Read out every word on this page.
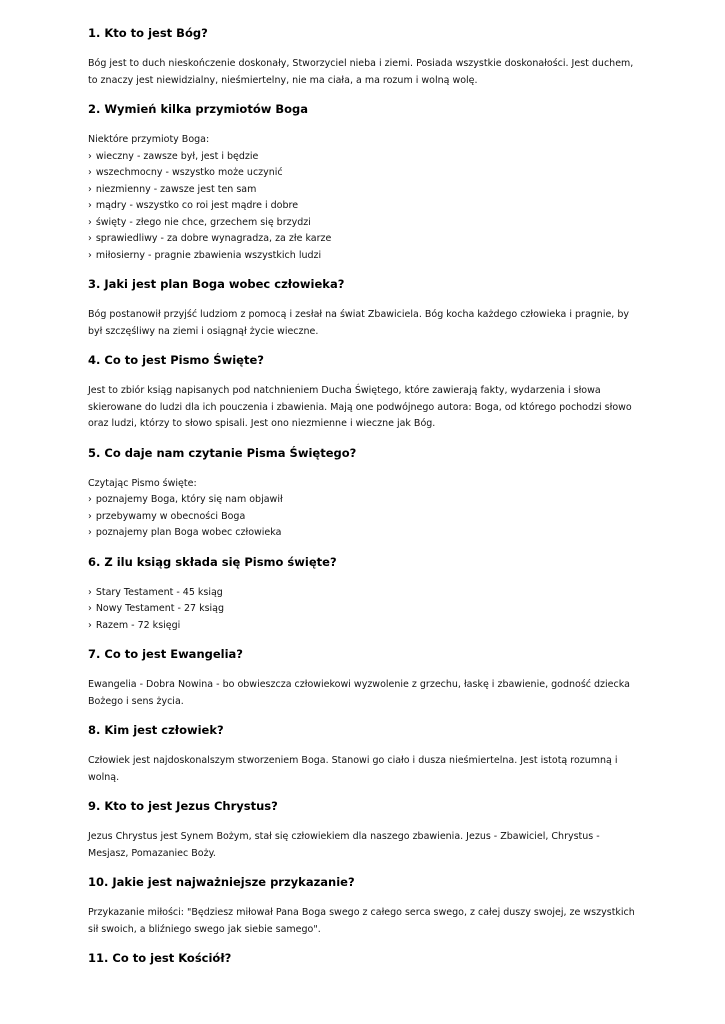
1. Kto to jest Bóg?

Bóg jest to duch nieskończenie doskonały, Stworzyciel nieba i ziemi. Posiada wszystkie doskonałości. Jest duchem, to znaczy jest niewidzialny, nieśmiertelny, nie ma ciała, a ma rozum i wolną wolę.

2. Wymień kilka przymiotów Boga

Niektóre przymioty Boga:

› wieczny - zawsze był, jest i będzie
› wszechmocny - wszystko może uczynić
› niezmienny - zawsze jest ten sam
› mądry - wszystko co roi jest mądre i dobre
› święty - złego nie chce, grzechem się brzydzi
› sprawiedliwy - za dobre wynagradza, za złe karze
› miłosierny - pragnie zbawienia wszystkich ludzi
3. Jaki jest plan Boga wobec człowieka?

Bóg postanowił przyjść ludziom z pomocą i zesłał na świat Zbawiciela. Bóg kocha każdego człowieka i pragnie, by był szczęśliwy na ziemi i osiągnął życie wieczne.

4. Co to jest Pismo Święte?

Jest to zbiór ksiąg napisanych pod natchnieniem Ducha Świętego, które zawierają fakty, wydarzenia i słowa skierowane do ludzi dla ich pouczenia i zbawienia. Mają one podwójnego autora: Boga, od którego pochodzi słowo oraz ludzi, którzy to słowo spisali. Jest ono niezmienne i wieczne jak Bóg.

5. Co daje nam czytanie Pisma Świętego?

Czytając Pismo święte:

› poznajemy Boga, który się nam objawił
› przebywamy w obecności Boga
› poznajemy plan Boga wobec człowieka
6. Z ilu ksiąg składa się Pismo święte?
› Stary Testament - 45 ksiąg
› Nowy Testament - 27 ksiąg
› Razem - 72 księgi
7. Co to jest Ewangelia?

Ewangelia - Dobra Nowina - bo obwieszcza człowiekowi wyzwolenie z grzechu, łaskę i zbawienie, godność dziecka Bożego i sens życia.

8. Kim jest człowiek?

Człowiek jest najdoskonalszym stworzeniem Boga. Stanowi go ciało i dusza nieśmiertelna. Jest istotą rozumną i wolną.

9. Kto to jest Jezus Chrystus?

Jezus Chrystus jest Synem Bożym, stał się człowiekiem dla naszego zbawienia. Jezus - Zbawiciel, Chrystus - Mesjasz, Pomazaniec Boży.

10. Jakie jest najważniejsze przykazanie?

Przykazanie miłości: "Będziesz miłował Pana Boga swego z całego serca swego, z całej duszy swojej, ze wszystkich sił swoich, a bliźniego swego jak siebie samego".

11. Co to jest Kościół?
